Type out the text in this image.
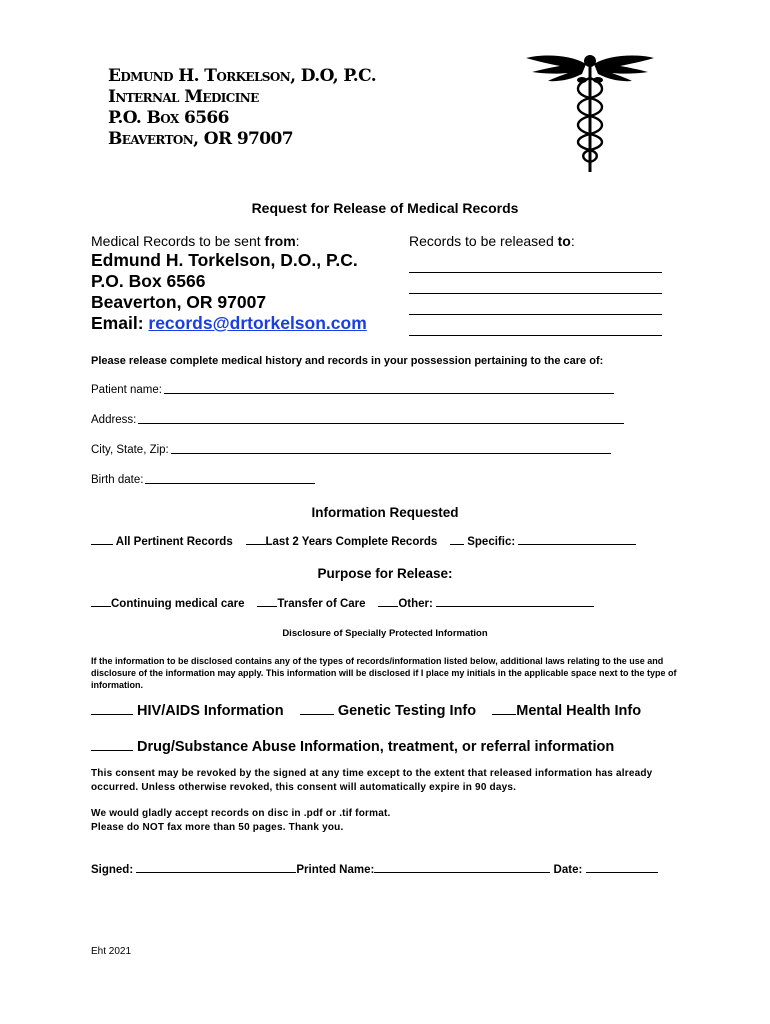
Edmund H. Torkelson, D.O, P.C.
Internal Medicine
P.O. Box 6566
Beaverton, OR 97007
Request for Release of Medical Records
Medical Records to be sent from:	Records to be released to:
Edmund H. Torkelson, D.O., P.C.
P.O. Box 6566
Beaverton, OR 97007
Email: records@drtorkelson.com
Please release complete medical history and records in your possession pertaining to the care of:
Patient name:
Address:
City, State, Zip:
Birth date:
Information Requested
All Pertinent Records	Last 2 Years Complete Records	Specific:
Purpose for Release:
Continuing medical care	Transfer of Care	Other:
Disclosure of Specially Protected Information
If the information to be disclosed contains any of the types of records/information listed below, additional laws relating to the use and disclosure of the information may apply. This information will be disclosed if I place my initials in the applicable space next to the type of information.
HIV/AIDS Information	Genetic Testing Info	Mental Health Info
Drug/Substance Abuse Information, treatment, or referral information
This consent may be revoked by the signed at any time except to the extent that released information has already occurred. Unless otherwise revoked, this consent will automatically expire in 90 days.
We would gladly accept records on disc in .pdf or .tif format.
Please do NOT fax more than 50 pages. Thank you.
Signed:	Printed Name:	Date:
Eht 2021
